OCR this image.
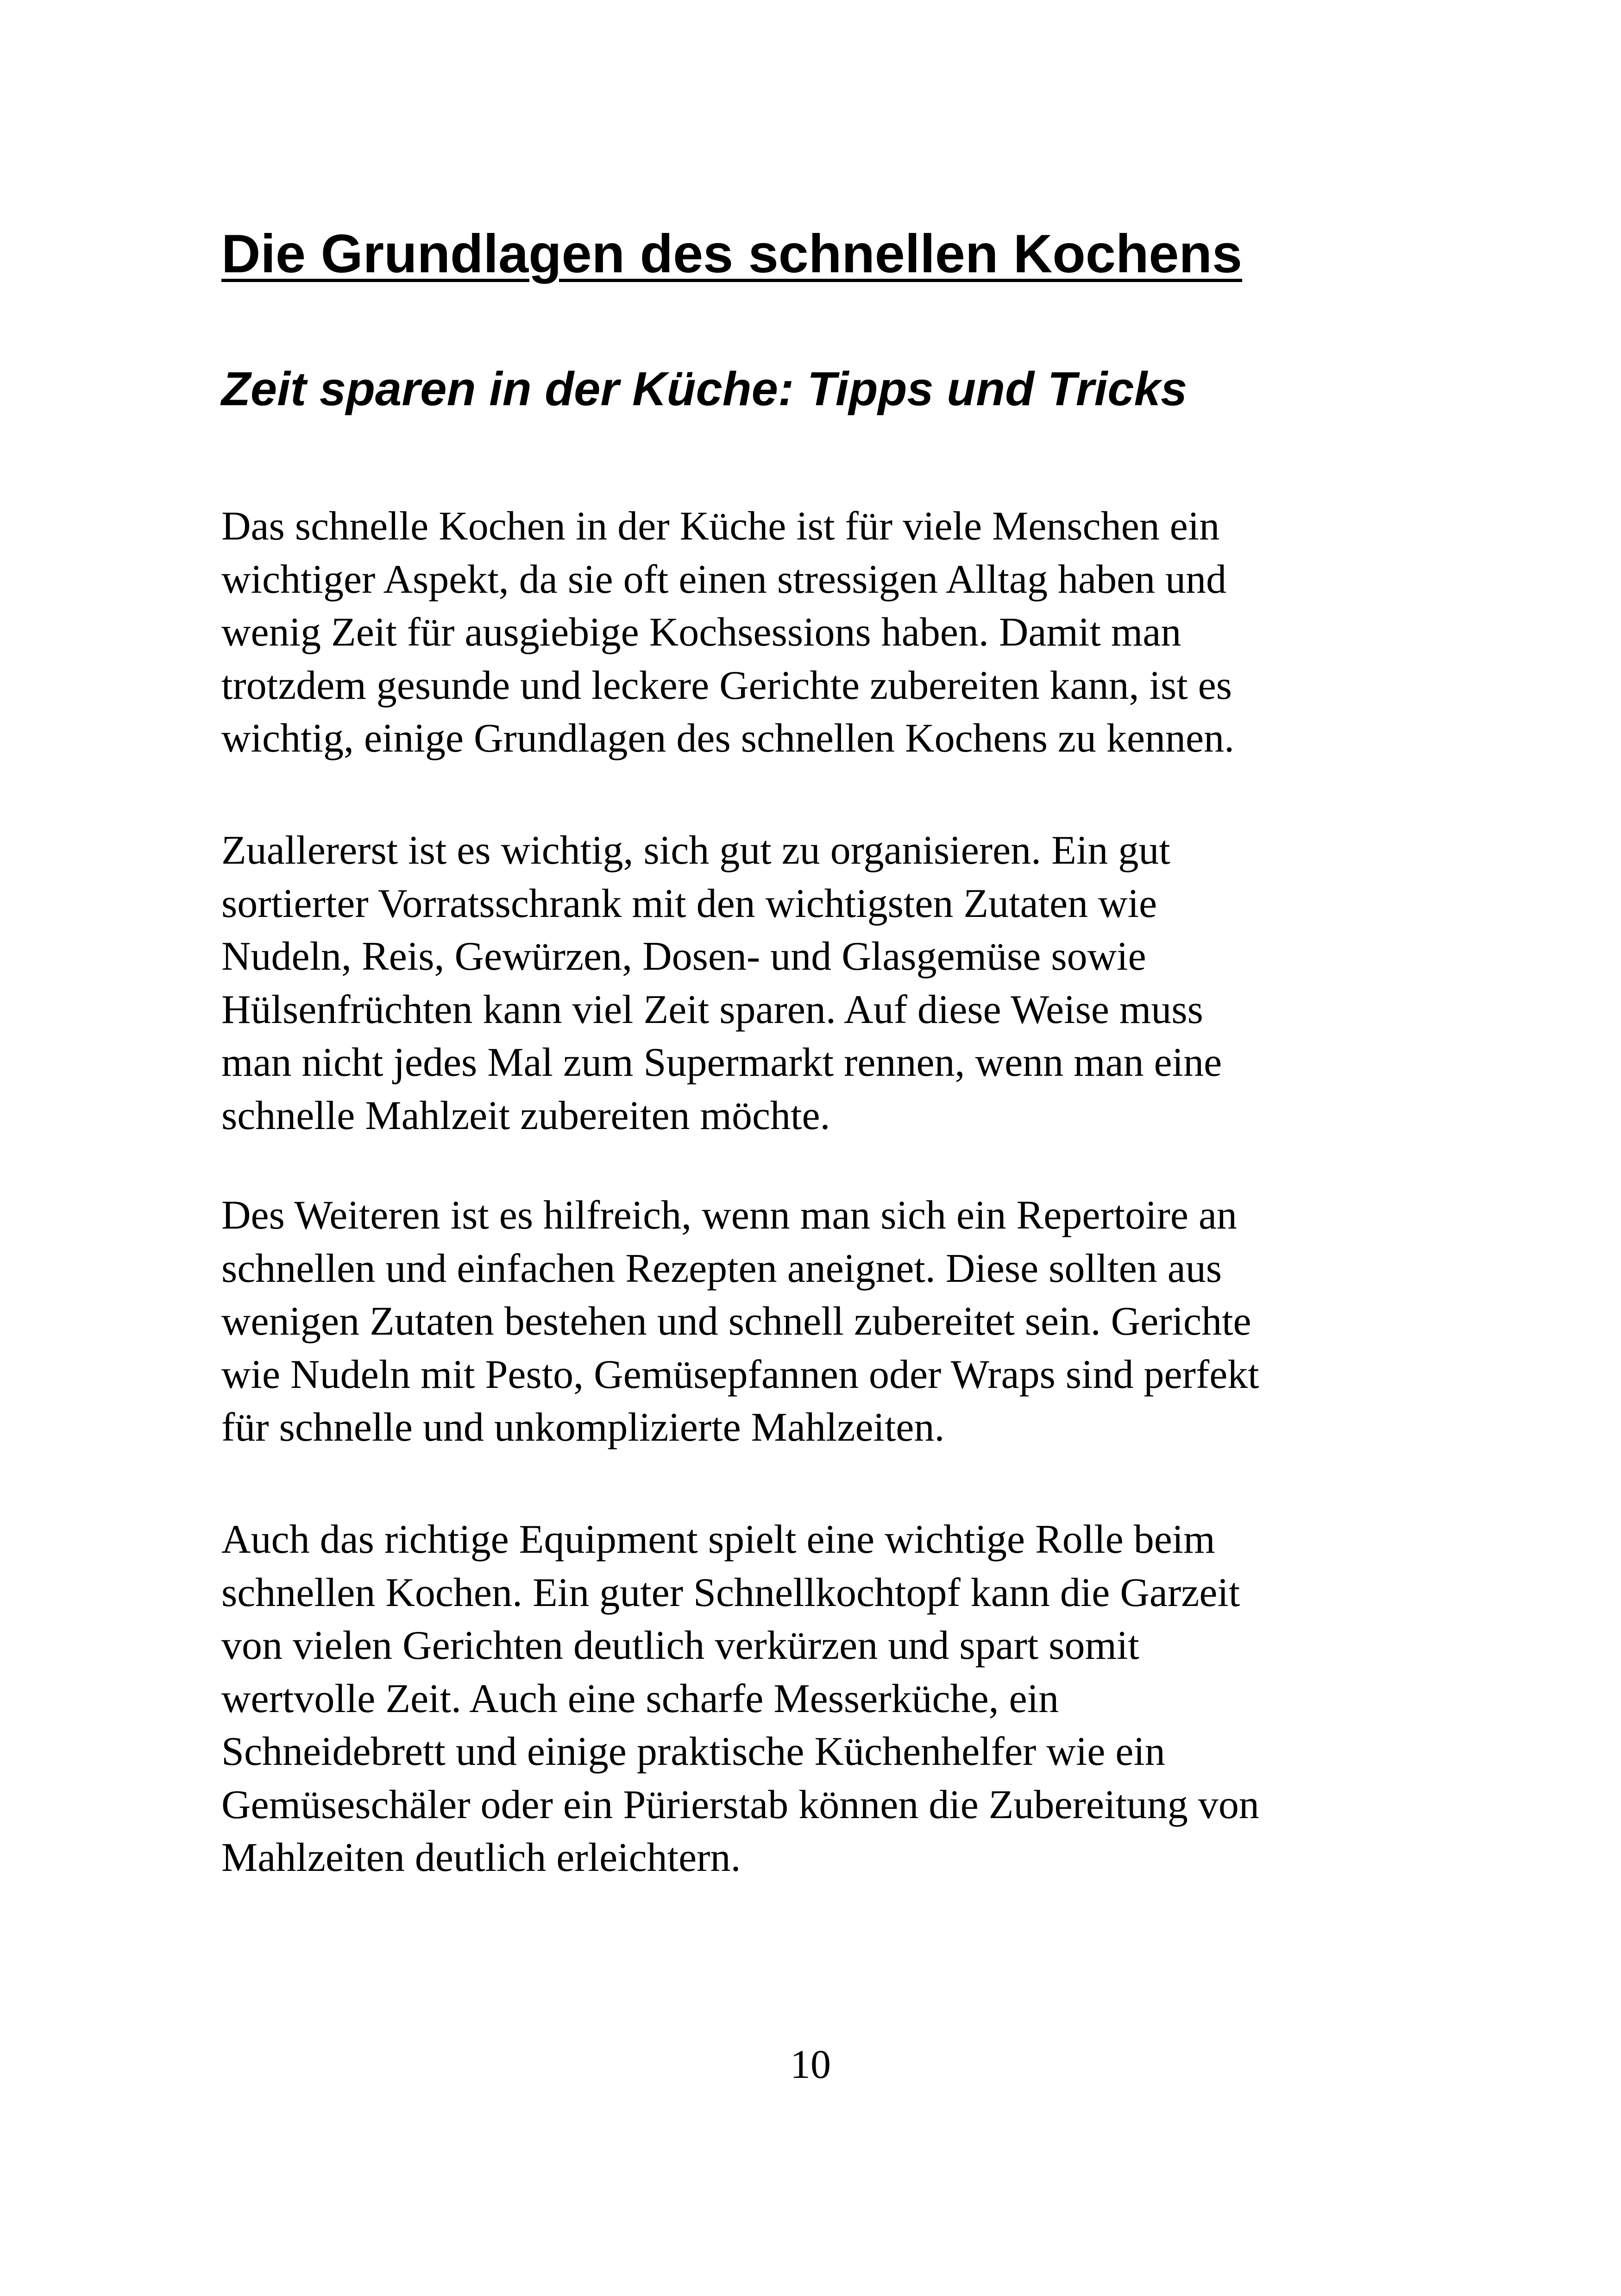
Die Grundlagen des schnellen Kochens
Zeit sparen in der Küche: Tipps und Tricks
Das schnelle Kochen in der Küche ist für viele Menschen ein
wichtiger Aspekt, da sie oft einen stressigen Alltag haben und
wenig Zeit für ausgiebige Kochsessions haben. Damit man
trotzdem gesunde und leckere Gerichte zubereiten kann, ist es
wichtig, einige Grundlagen des schnellen Kochens zu kennen.
Zuallererst ist es wichtig, sich gut zu organisieren. Ein gut
sortierter Vorratsschrank mit den wichtigsten Zutaten wie
Nudeln, Reis, Gewürzen, Dosen- und Glasgemüse sowie
Hülsenfrüchten kann viel Zeit sparen. Auf diese Weise muss
man nicht jedes Mal zum Supermarkt rennen, wenn man eine
schnelle Mahlzeit zubereiten möchte.
Des Weiteren ist es hilfreich, wenn man sich ein Repertoire an
schnellen und einfachen Rezepten aneignet. Diese sollten aus
wenigen Zutaten bestehen und schnell zubereitet sein. Gerichte
wie Nudeln mit Pesto, Gemüsepfannen oder Wraps sind perfekt
für schnelle und unkomplizierte Mahlzeiten.
Auch das richtige Equipment spielt eine wichtige Rolle beim
schnellen Kochen. Ein guter Schnellkochtopf kann die Garzeit
von vielen Gerichten deutlich verkürzen und spart somit
wertvolle Zeit. Auch eine scharfe Messerküche, ein
Schneidebrett und einige praktische Küchenhelfer wie ein
Gemüseschäler oder ein Pürierstab können die Zubereitung von
Mahlzeiten deutlich erleichtern.
10
